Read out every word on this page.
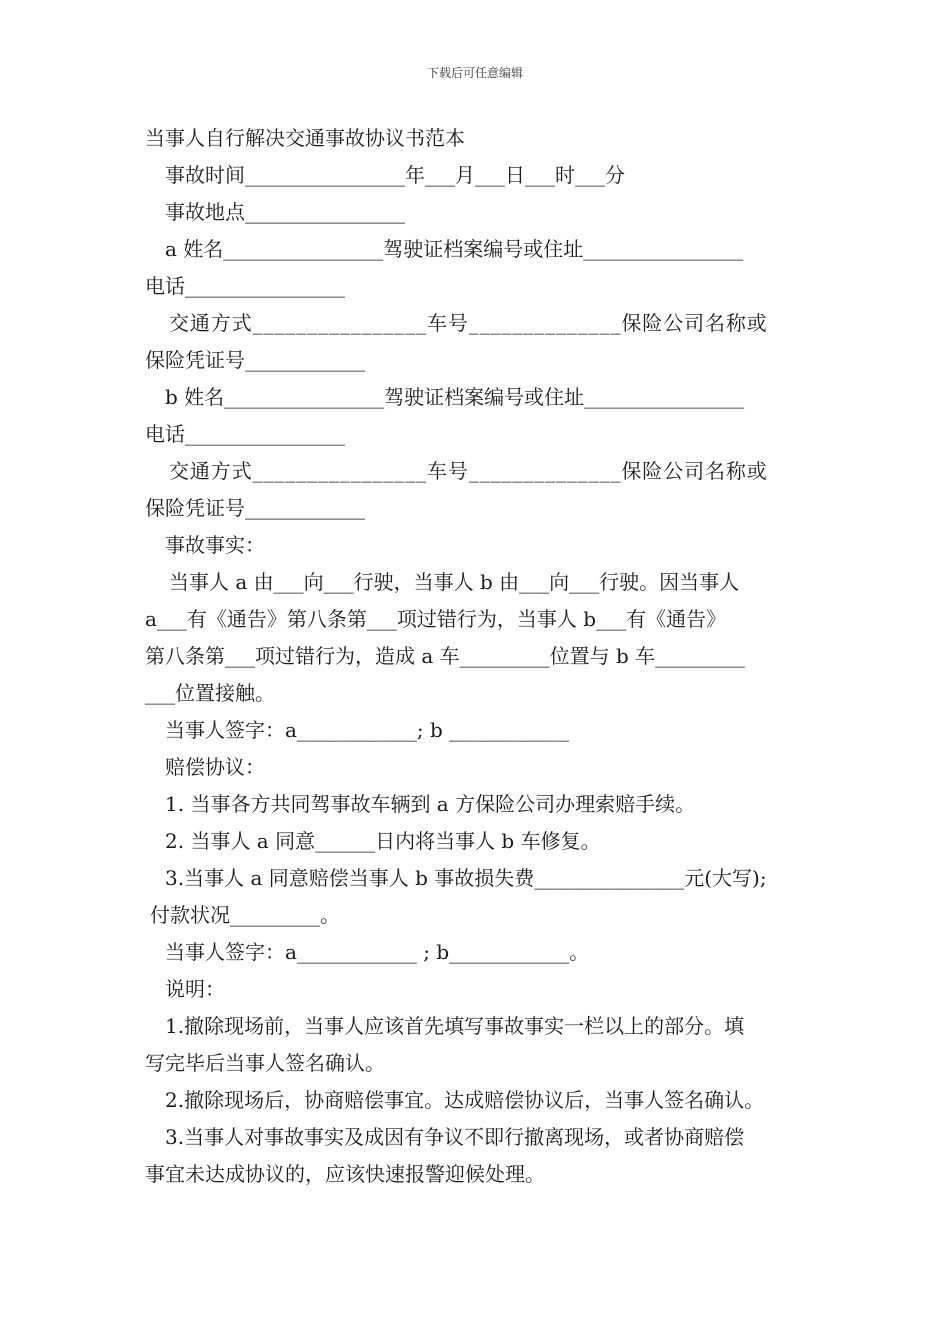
下载后可任意编辑
当事人自行解决交通事故协议书范本
事故时间________________年___月___日___时___分
事故地点________________
a 姓名________________驾驶证档案编号或住址________________
电话________________
交通方式________________车号______________保险公司名称或
保险凭证号____________
b 姓名________________驾驶证档案编号或住址________________
电话________________
交通方式________________车号______________保险公司名称或
保险凭证号____________
事故事实：
当事人 a 由___向___行驶，当事人 b 由___向___行驶。因当事人
a___有《通告》第八条第___项过错行为，当事人 b___有《通告》
第八条第___项过错行为，造成 a 车_________位置与 b 车_________
___位置接触。
当事人签字：a____________; b ____________
赔偿协议：
1. 当事各方共同驾事故车辆到 a 方保险公司办理索赔手续。
2. 当事人 a 同意______日内将当事人 b 车修复。
3.当事人 a 同意赔偿当事人 b 事故损失费_______________元(大写);
付款状况_________。
当事人签字：a____________ ; b____________。
说明：
1.撤除现场前，当事人应该首先填写事故事实一栏以上的部分。填
写完毕后当事人签名确认。
2.撤除现场后，协商赔偿事宜。达成赔偿协议后，当事人签名确认。
3.当事人对事故事实及成因有争议不即行撤离现场，或者协商赔偿
事宜未达成协议的，应该快速报警迎候处理。
